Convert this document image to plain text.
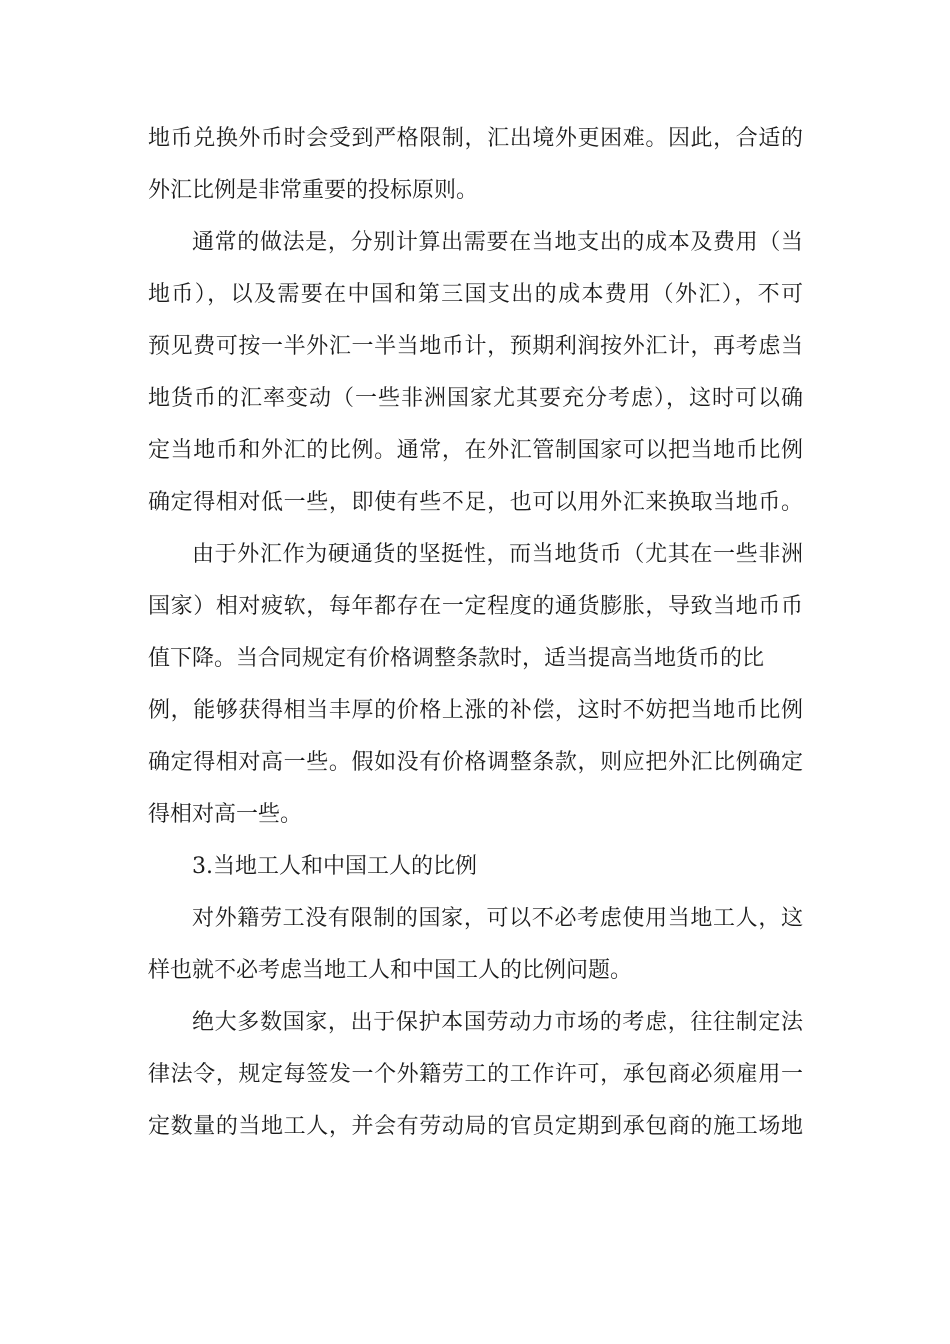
地币兑换外币时会受到严格限制，汇出境外更困难。因此，合适的
外汇比例是非常重要的投标原则。
通常的做法是，分别计算出需要在当地支出的成本及费用（当
地币），以及需要在中国和第三国支出的成本费用（外汇），不可
预见费可按一半外汇一半当地币计，预期利润按外汇计，再考虑当
地货币的汇率变动（一些非洲国家尤其要充分考虑），这时可以确
定当地币和外汇的比例。通常，在外汇管制国家可以把当地币比例
确定得相对低一些，即使有些不足，也可以用外汇来换取当地币。
由于外汇作为硬通货的坚挺性，而当地货币（尤其在一些非洲
国家）相对疲软，每年都存在一定程度的通货膨胀，导致当地币币
值下降。当合同规定有价格调整条款时，适当提高当地货币的比
例，能够获得相当丰厚的价格上涨的补偿，这时不妨把当地币比例
确定得相对高一些。假如没有价格调整条款，则应把外汇比例确定
得相对高一些。
3.当地工人和中国工人的比例
对外籍劳工没有限制的国家，可以不必考虑使用当地工人，这
样也就不必考虑当地工人和中国工人的比例问题。
绝大多数国家，出于保护本国劳动力市场的考虑，往往制定法
律法令，规定每签发一个外籍劳工的工作许可，承包商必须雇用一
定数量的当地工人，并会有劳动局的官员定期到承包商的施工场地
